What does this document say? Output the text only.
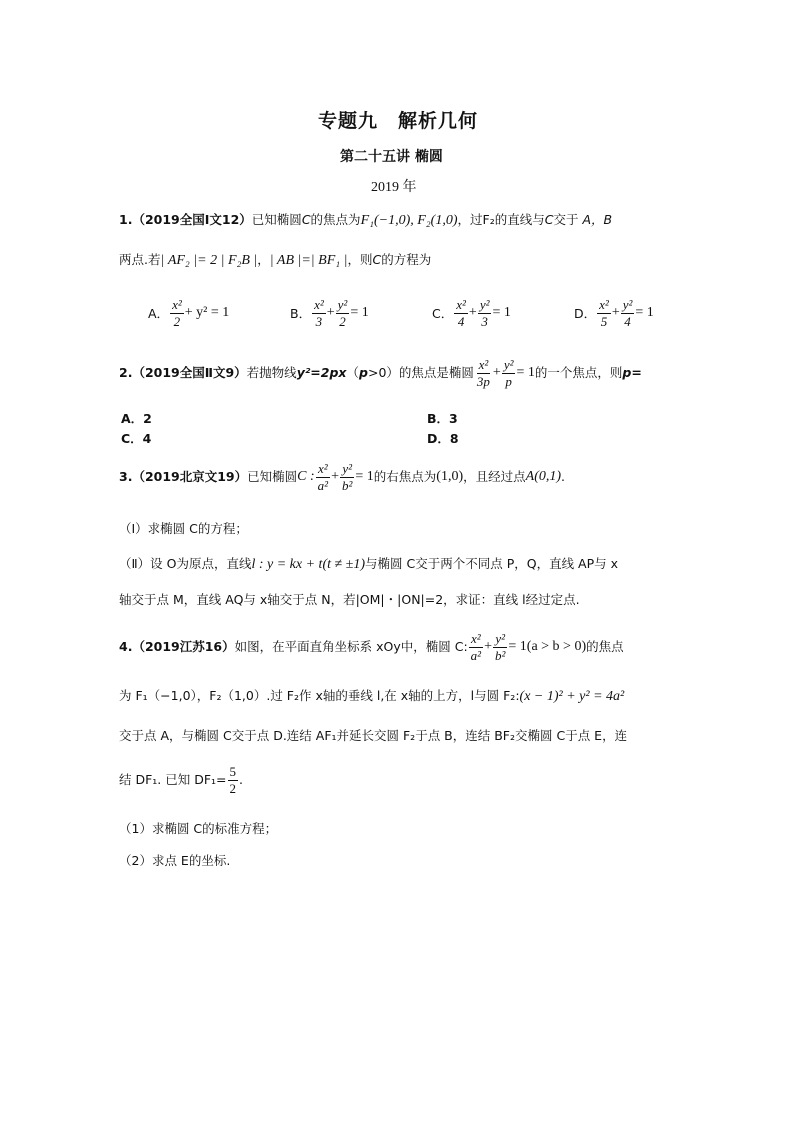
专题九　解析几何
第二十五讲 椭圆
2019 年
1.（2019全国Ⅰ文12）已知椭圆C的焦点为F₁(−1,0), F₂(1,0)，过F₂的直线与C交于 A，B
两点.若| AF₂ |= 2 | F₂B |，| AB |=| BF₁ |，则C的方程为
A． $\frac{\text{x²}}{2} + y^2 = 1$	B． $\frac{\text{x²}}{3} + \frac{\text{y²}}{2} = 1$	C． $\frac{\text{x²}}{4} + \frac{\text{y²}}{3} = 1$	D． $\frac{\text{x²}}{5} + \frac{\text{y²}}{4} = 1$
2.（2019全国Ⅱ文9） 若抛物线 y²=2px （ p >0）的焦点是椭圆 $\frac{\text{x²}}{3p} + \frac{\text{y²}}{p} = 1$ 的一个焦点，则 p=
A．2	B．3
C．4	D．8
3.（2019北京文19） 已知椭圆 C : $\frac{\text{x²}}{\text{a²}} + \frac{\text{y²}}{\text{b²}} = 1$ 的右焦点为 (1,0) ，且经过点 A(0,1) .
（Ⅰ）求椭圆 C的方程；
（Ⅱ）设 O为原点，直线l : y = kx + t(t ≠ ±1)与椭圆 C交于两个不同点 P，Q，直线 AP与 x
轴交于点 M，直线 AQ与 x轴交于点 N，若|OM|・|ON|=2，求证：直线 l经过定点.
4.（2019江苏16） 如图，在平面直角坐标系 xOy中，椭圆 C: $\frac{\text{x²}}{\text{a²}} + \frac{\text{y²}}{\text{b²}} = 1(a > b > 0)$ 的焦点
为 F₁（−1,0），F₂（1,0）.过 F₂作 x轴的垂线 l,在 x轴的上方，l与圆 F₂:(x − 1)² + y² = 4a²
交于点 A，与椭圆 C交于点 D.连结 AF₁并延长交圆 F₂于点 B，连结 BF₂交椭圆 C于点 E，连
结 DF₁. 已知 $DF_1= \frac{5}{2}$ .
（1）求椭圆 C的标准方程；
（2）求点 E的坐标.
